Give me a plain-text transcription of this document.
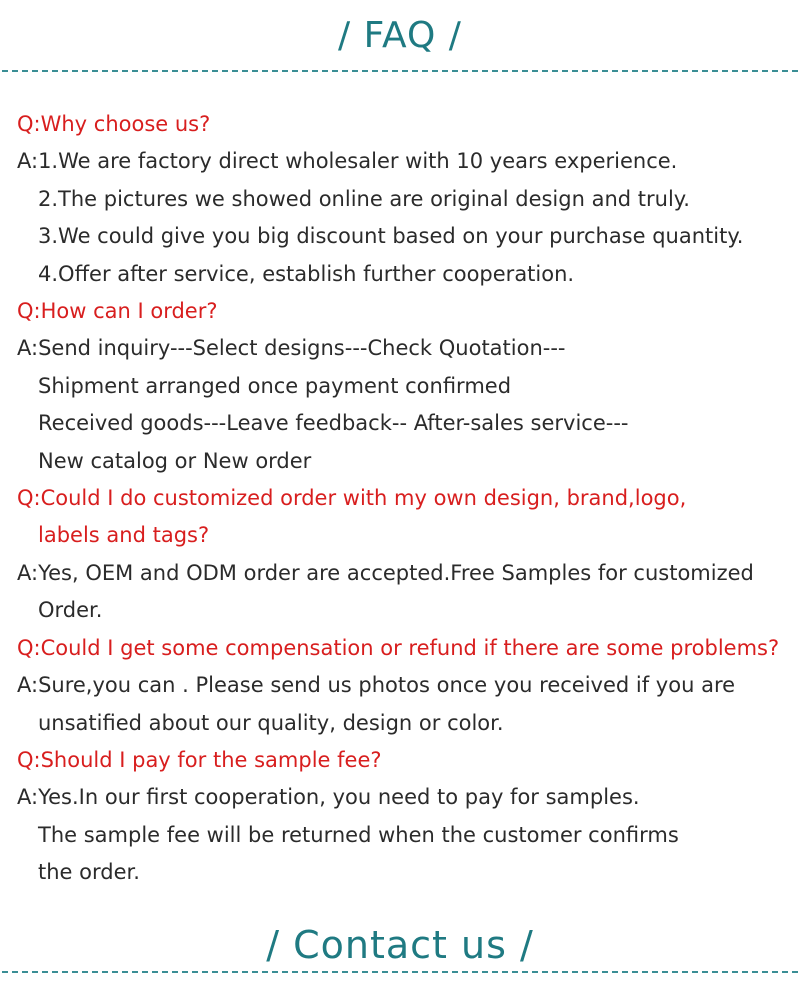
/ FAQ /
Q:Why choose us?
A:1.We are factory direct wholesaler with 10 years experience.
2.The pictures we showed online are original design and truly.
3.We could give you big discount based on your purchase quantity.
4.Offer after service, establish further cooperation.
Q:How can I order?
A:Send inquiry---Select designs---Check Quotation---
Shipment arranged once payment confirmed
Received goods---Leave feedback-- After-sales service---
New catalog or New order
Q:Could I do customized order with my own design, brand,logo,
labels and tags?
A:Yes, OEM and ODM order are accepted.Free Samples for customized
Order.
Q:Could I get some compensation or refund if there are some problems?
A:Sure,you can . Please send us photos once you received if you are
unsatified about our quality, design or color.
Q:Should I pay for the sample fee?
A:Yes.In our first cooperation, you need to pay for samples.
The sample fee will be returned when the customer confirms
the order.
/ Contact us /
